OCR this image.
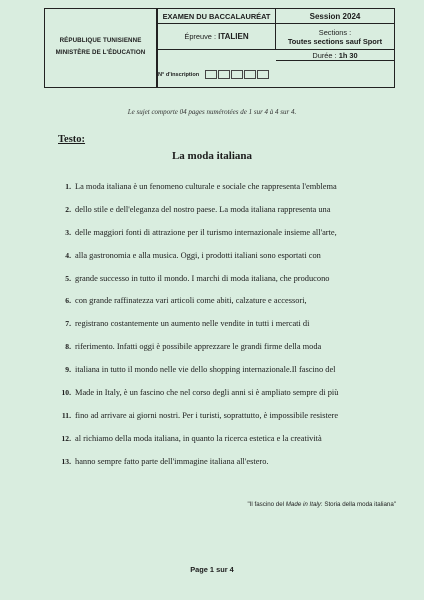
RÉPUBLIQUE TUNISIENNE
MINISTÈRE DE L'ÉDUCATION
EXAMEN DU BACCALAURÉAT	Session 2024
Épreuve :
ITALIEN	Sections :
Toutes sections sauf Sport
Durée :
1h 30
N° d'inscription
Le sujet comporte 04 pages numérotées de 1 sur 4 à 4 sur 4.
Testo:
La moda italiana
1. La moda italiana è un fenomeno culturale e sociale che rappresenta l'emblema
2. dello stile e dell'eleganza del nostro paese. La moda italiana rappresenta una
3. delle maggiori fonti di attrazione per il turismo internazionale insieme all'arte,
4. alla gastronomia e alla musica. Oggi, i prodotti italiani sono esportati con
5. grande successo in tutto il mondo. I marchi di moda italiana, che producono
6. con grande raffinatezza vari articoli come abiti, calzature e accessori,
7. registrano costantemente un aumento nelle vendite in tutti i mercati di
8. riferimento. Infatti oggi è possibile apprezzare le grandi firme della moda
9. italiana in tutto il mondo nelle vie dello shopping internazionale.Il fascino del
10. Made in Italy, è un fascino che nel corso degli anni si è ampliato sempre di più
11. fino ad arrivare ai giorni nostri. Per i turisti, soprattutto, è impossibile resistere
12. al richiamo della moda italiana, in quanto la ricerca estetica e la creatività
13. hanno sempre fatto parte dell'immagine italiana all'estero.
"Il fascino del Made in Italy: Storia della moda italiana"
Page 1 sur 4
